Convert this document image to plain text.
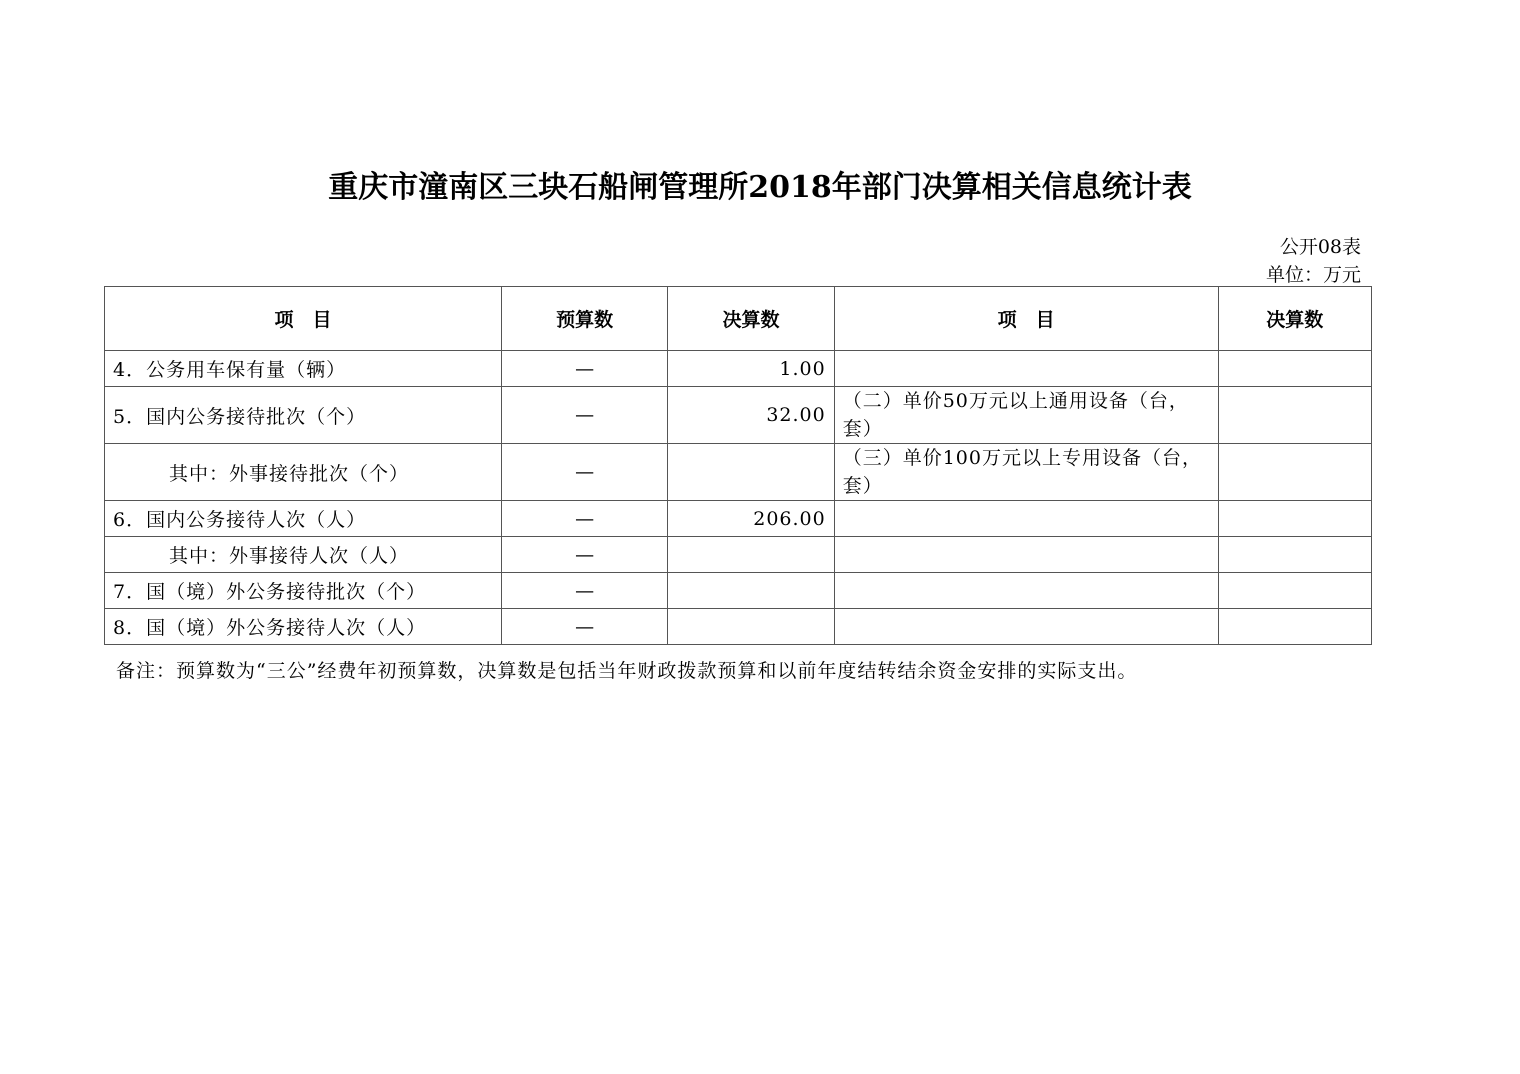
重庆市潼南区三块石船闸管理所2018年部门决算相关信息统计表
公开08表
单位：万元
项　目	预算数	决算数	项　目	决算数
4．公务用车保有量（辆）	—	1.00		
5．国内公务接待批次（个）	—	32.00	（二）单价50万元以上通用设备（台，套）	
其中：外事接待批次（个）	—		（三）单价100万元以上专用设备（台，套）	
6．国内公务接待人次（人）	—	206.00		
其中：外事接待人次（人）	—			
7．国（境）外公务接待批次（个）	—			
8．国（境）外公务接待人次（人）	—			
备注：预算数为“三公”经费年初预算数，决算数是包括当年财政拨款预算和以前年度结转结余资金安排的实际支出。
